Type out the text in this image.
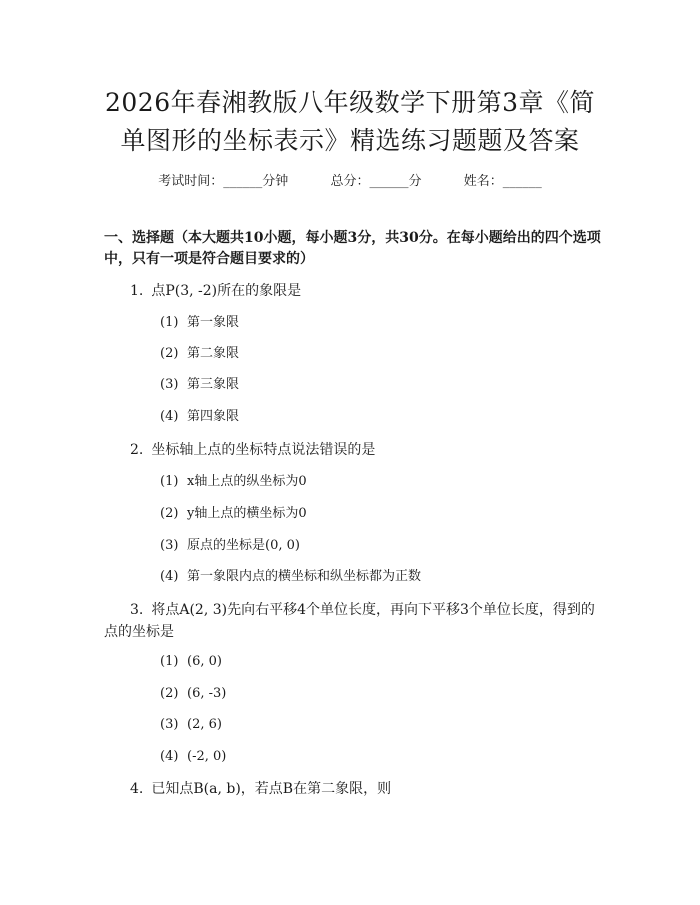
2026年春湘教版八年级数学下册第3章《简
单图形的坐标表示》精选练习题题及答案
考试时间：______分钟	总分：______分	姓名：______
一、选择题（本大题共10小题，每小题3分，共30分。在每小题给出的四个选项中，只有一项是符合题目要求的）
1. 点P(3, -2)所在的象限是
(1) 第一象限
(2) 第二象限
(3) 第三象限
(4) 第四象限
2. 坐标轴上点的坐标特点说法错误的是
(1) x轴上点的纵坐标为0
(2) y轴上点的横坐标为0
(3) 原点的坐标是(0, 0)
(4) 第一象限内点的横坐标和纵坐标都为正数
3. 将点A(2, 3)先向右平移4个单位长度，再向下平移3个单位长度，得到的点的坐标是
(1) (6, 0)
(2) (6, -3)
(3) (2, 6)
(4) (-2, 0)
4. 已知点B(a, b)，若点B在第二象限，则
